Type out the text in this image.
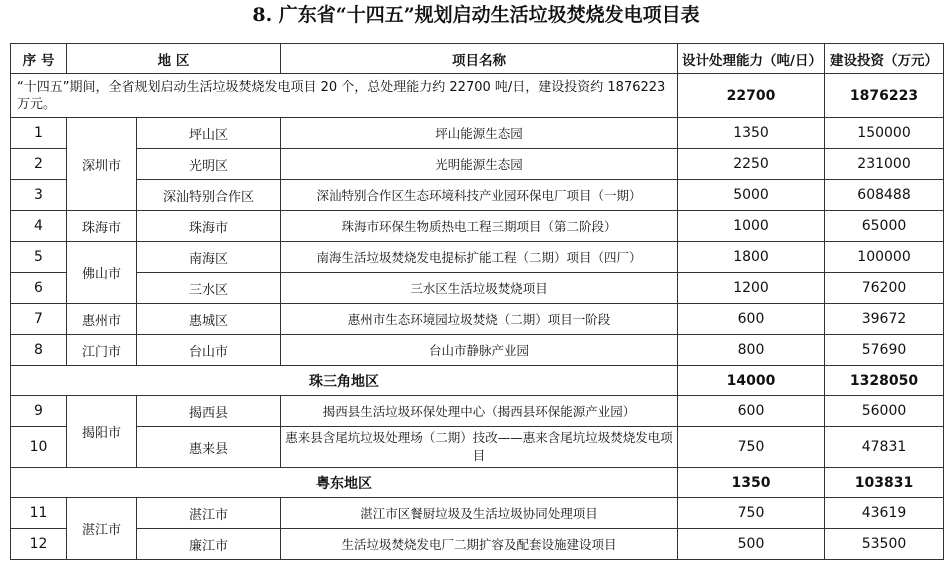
8. 广东省“十四五”规划启动生活垃圾焚烧发电项目表
序 号	地 区		项目名称	设计处理能力（吨/日）	建设投资（万元）
“十四五”期间，全省规划启动生活垃圾焚烧发电项目 20 个，总处理能力约 22700 吨/日，建设投资约 1876223 万元。				22700	1876223
1	深圳市	坪山区	坪山能源生态园	1350	150000
2		光明区	光明能源生态园	2250	231000
3		深汕特别合作区	深汕特别合作区生态环境科技产业园环保电厂项目（一期）	5000	608488
4	珠海市	珠海市	珠海市环保生物质热电工程三期项目（第二阶段）	1000	65000
5	佛山市	南海区	南海生活垃圾焚烧发电提标扩能工程（二期）项目（四厂）	1800	100000
6		三水区	三水区生活垃圾焚烧项目	1200	76200
7	惠州市	惠城区	惠州市生态环境园垃圾焚烧（二期）项目一阶段	600	39672
8	江门市	台山市	台山市静脉产业园	800	57690
珠三角地区				14000	1328050
9	揭阳市	揭西县	揭西县生活垃圾环保处理中心（揭西县环保能源产业园）	600	56000
10		惠来县	惠来县含尾坑垃圾处理场（二期）技改——惠来含尾坑垃圾焚烧发电项目	750	47831
粤东地区				1350	103831
11	湛江市	湛江市	湛江市区餐厨垃圾及生活垃圾协同处理项目	750	43619
12		廉江市	生活垃圾焚烧发电厂二期扩容及配套设施建设项目	500	53500
